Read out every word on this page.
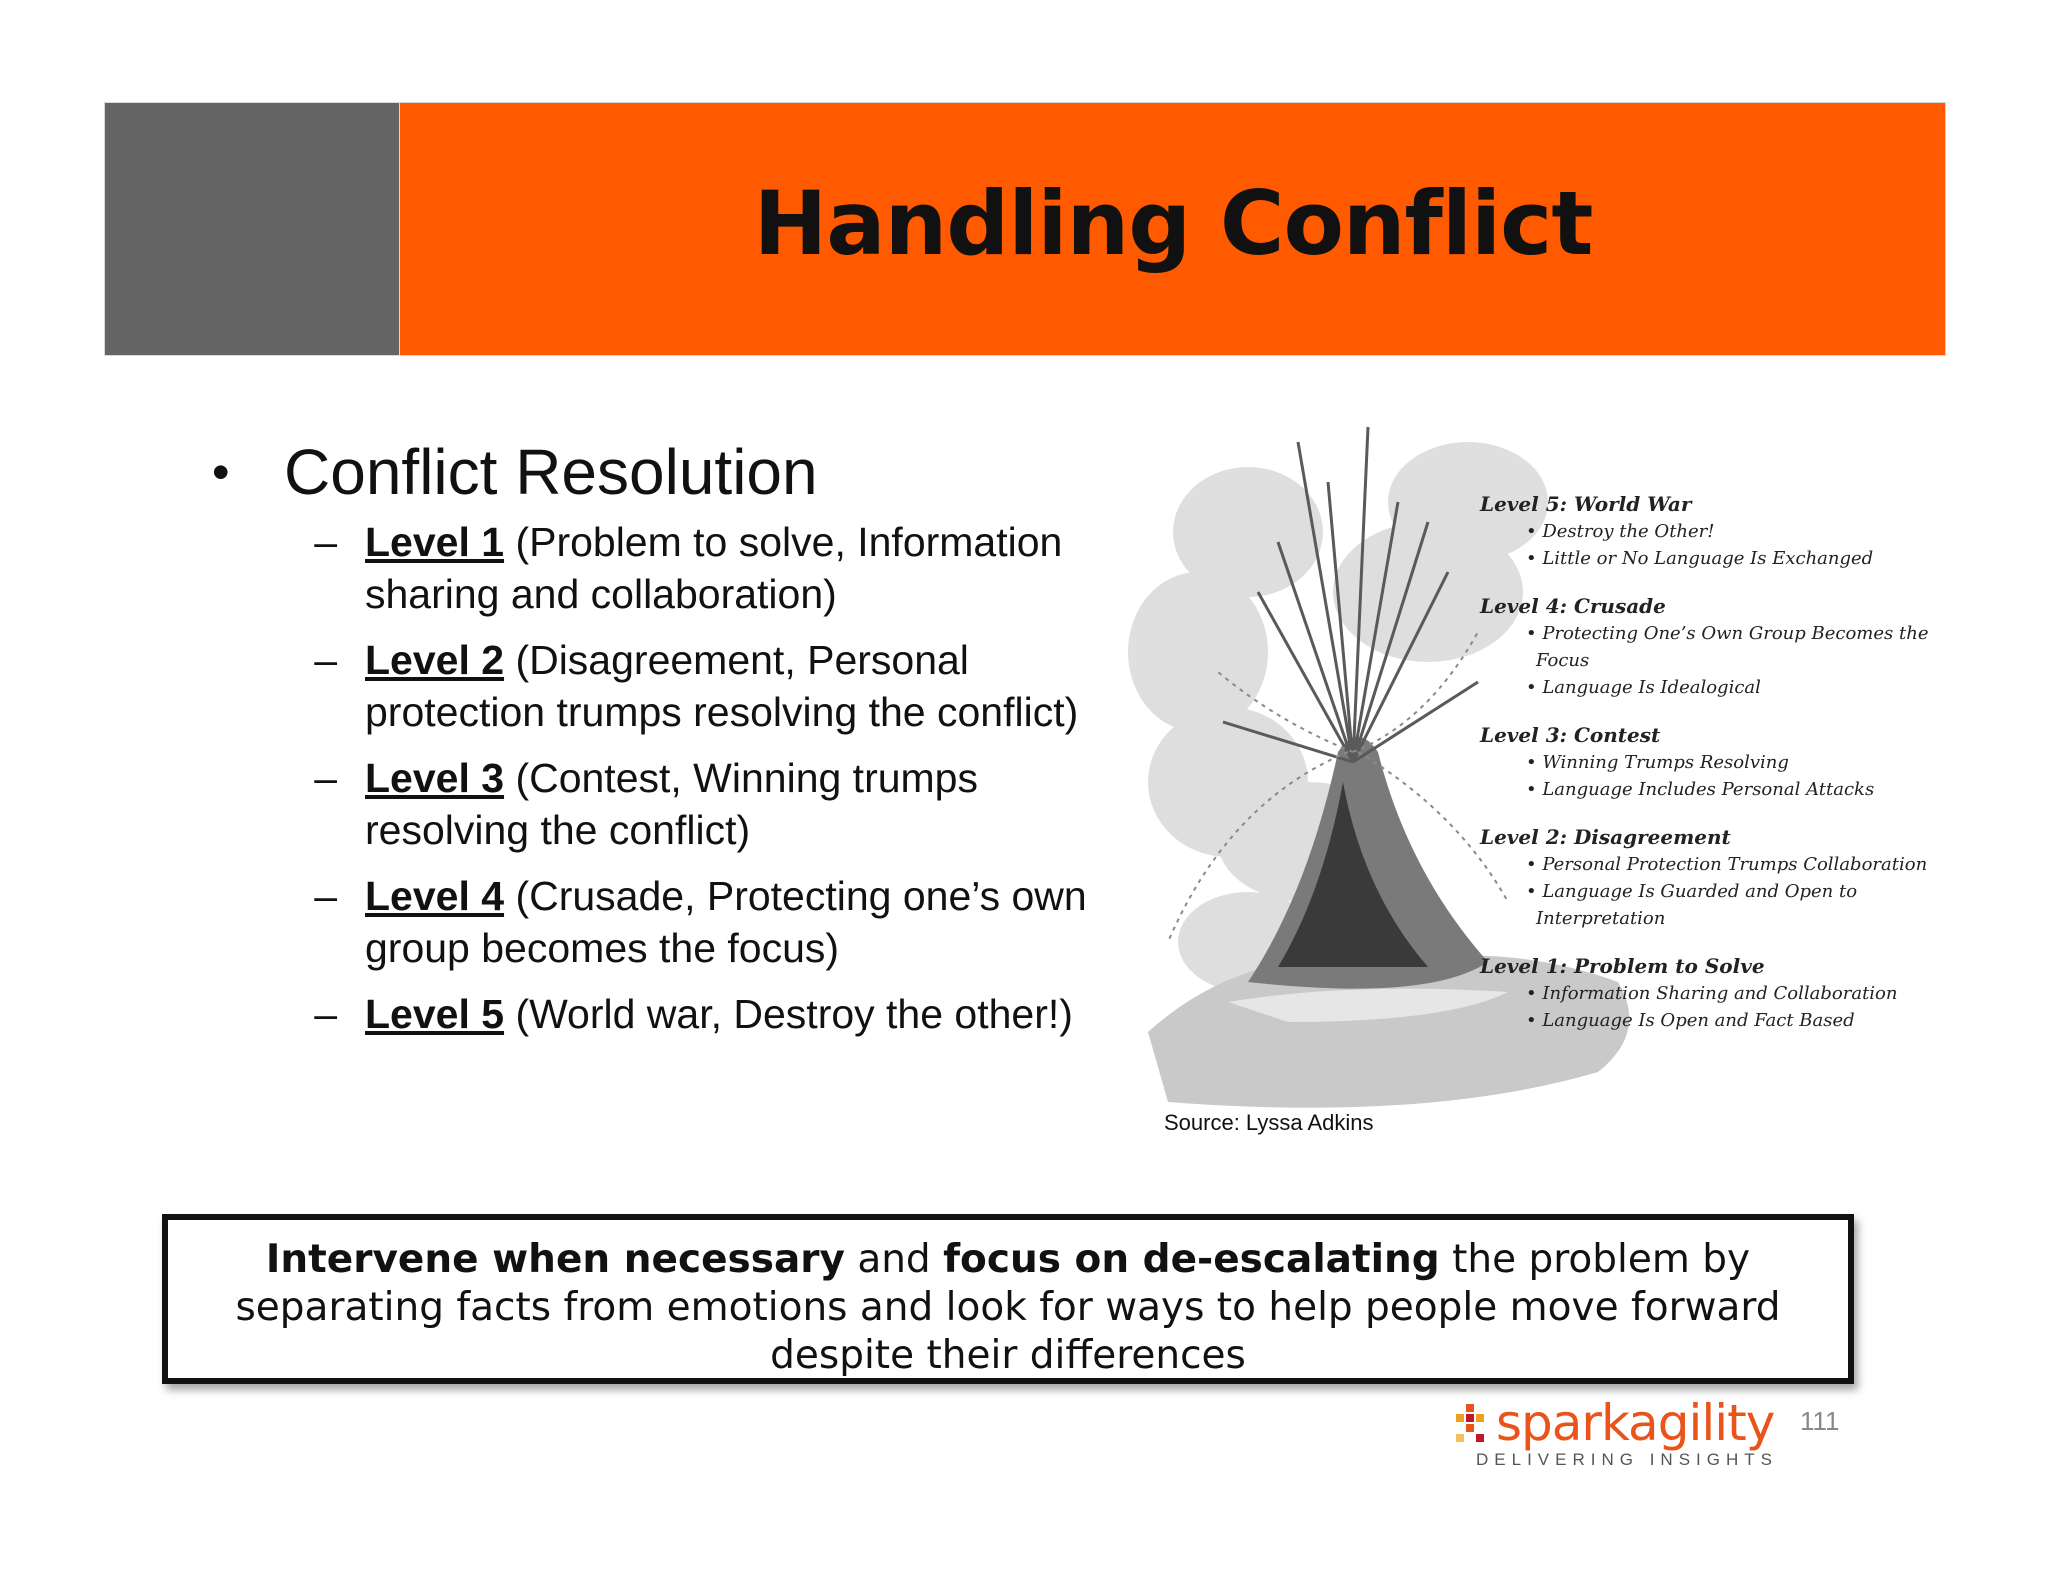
Handling Conflict
• Conflict Resolution
– Level 1 (Problem to solve, Information sharing and collaboration)
– Level 2 (Disagreement, Personal protection trumps resolving the conflict)
– Level 3 (Contest, Winning trumps resolving the conflict)
– Level 4 (Crusade, Protecting one’s own group becomes the focus)
– Level 5 (World war, Destroy the other!)
Level 5: World War
• Destroy the Other!
• Little or No Language Is Exchanged
Level 4: Crusade
• Protecting One’s Own Group Becomes the Focus
• Language Is Idealogical
Level 3: Contest
• Winning Trumps Resolving
• Language Includes Personal Attacks
Level 2: Disagreement
• Personal Protection Trumps Collaboration
• Language Is Guarded and Open to Interpretation
Level 1: Problem to Solve
• Information Sharing and Collaboration
• Language Is Open and Fact Based
Source: Lyssa Adkins
Intervene when necessary and focus on de-escalating the problem by separating facts from emotions and look for ways to help people move forward despite their differences
sparkagility
DELIVERING INSIGHTS
111
